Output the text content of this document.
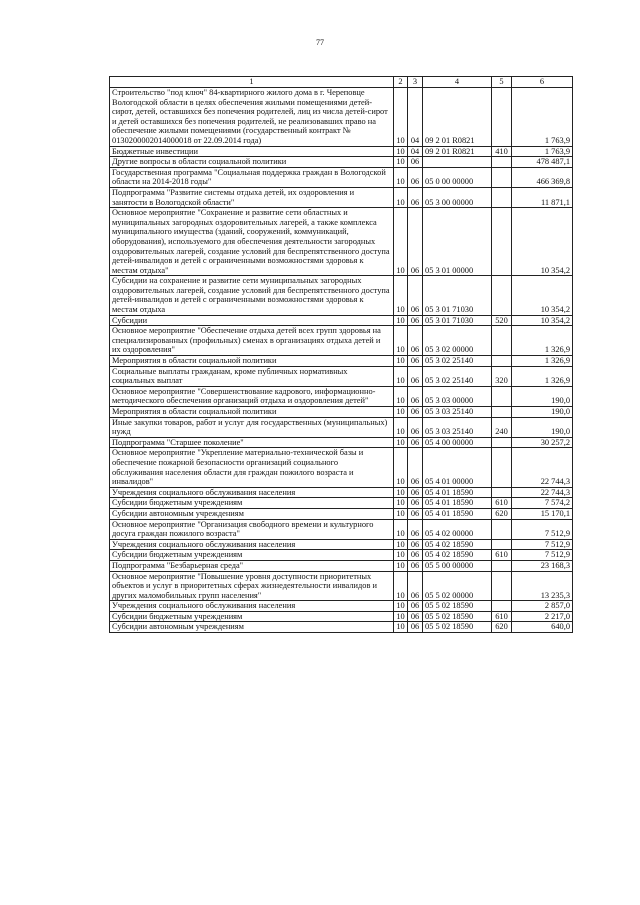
77
1	2	3	4	5	6
Строительство "под ключ" 84-квартирного жилого дома в г. Череповце Вологодской области в целях обеспечения жилыми помещениями детей-сирот, детей, оставшихся без попечения родителей, лиц из числа детей-сирот и детей оставшихся без попечения родителей, не реализовавших право на обеспечение жилыми помещениями (государственный контракт № 0130200002014000018 от 22.09.2014 года)	10	04	09 2 01 R0821		1 763,9
Бюджетные инвестиции	10	04	09 2 01 R0821	410	1 763,9
Другие вопросы в области социальной политики	10	06			478 487,1
Государственная программа "Социальная поддержка граждан в Вологодской области на 2014-2018 годы"	10	06	05 0 00 00000		466 369,8
Подпрограмма "Развитие системы отдыха детей, их оздоровления и занятости в Вологодской области"	10	06	05 3 00 00000		11 871,1
Основное мероприятие "Сохранение и развитие сети областных и муниципальных загородных оздоровительных лагерей, а также комплекса муниципального имущества (зданий, сооружений, коммуникаций, оборудования), используемого для обеспечения деятельности загородных оздоровительных лагерей, создание условий для беспрепятственного доступа детей-инвалидов и детей с ограниченными возможностями здоровья к местам отдыха"	10	06	05 3 01 00000		10 354,2
Субсидии на сохранение и развитие сети муниципальных загородных оздоровительных лагерей, создание условий для беспрепятственного доступа детей-инвалидов и детей с ограниченными возможностями здоровья к местам отдыха	10	06	05 3 01 71030		10 354,2
Субсидии	10	06	05 3 01 71030	520	10 354,2
Основное мероприятие "Обеспечение отдыха детей всех групп здоровья на специализированных (профильных) сменах в организациях отдыха детей и их оздоровления"	10	06	05 3 02 00000		1 326,9
Мероприятия в области социальной политики	10	06	05 3 02 25140		1 326,9
Социальные выплаты гражданам, кроме публичных нормативных социальных выплат	10	06	05 3 02 25140	320	1 326,9
Основное мероприятие "Совершенствование кадрового, информационно-методического обеспечения организаций отдыха и оздоровления детей"	10	06	05 3 03 00000		190,0
Мероприятия в области социальной политики	10	06	05 3 03 25140		190,0
Иные закупки товаров, работ и услуг для государственных (муниципальных) нужд	10	06	05 3 03 25140	240	190,0
Подпрограмма "Старшее поколение"	10	06	05 4 00 00000		30 257,2
Основное мероприятие "Укрепление материально-технической базы и обеспечение пожарной безопасности организаций социального обслуживания населения области для граждан пожилого возраста и инвалидов"	10	06	05 4 01 00000		22 744,3
Учреждения социального обслуживания населения	10	06	05 4 01 18590		22 744,3
Субсидии бюджетным учреждениям	10	06	05 4 01 18590	610	7 574,2
Субсидии автономным учреждениям	10	06	05 4 01 18590	620	15 170,1
Основное мероприятие "Организация свободного времени и культурного досуга граждан пожилого возраста"	10	06	05 4 02 00000		7 512,9
Учреждения социального обслуживания населения	10	06	05 4 02 18590		7 512,9
Субсидии бюджетным учреждениям	10	06	05 4 02 18590	610	7 512,9
Подпрограмма "Безбарьерная среда"	10	06	05 5 00 00000		23 168,3
Основное мероприятие "Повышение уровня доступности приоритетных объектов и услуг в приоритетных сферах жизнедеятельности инвалидов и других маломобильных групп населения"	10	06	05 5 02 00000		13 235,3
Учреждения социального обслуживания населения	10	06	05 5 02 18590		2 857,0
Субсидии бюджетным учреждениям	10	06	05 5 02 18590	610	2 217,0
Субсидии автономным учреждениям	10	06	05 5 02 18590	620	640,0
